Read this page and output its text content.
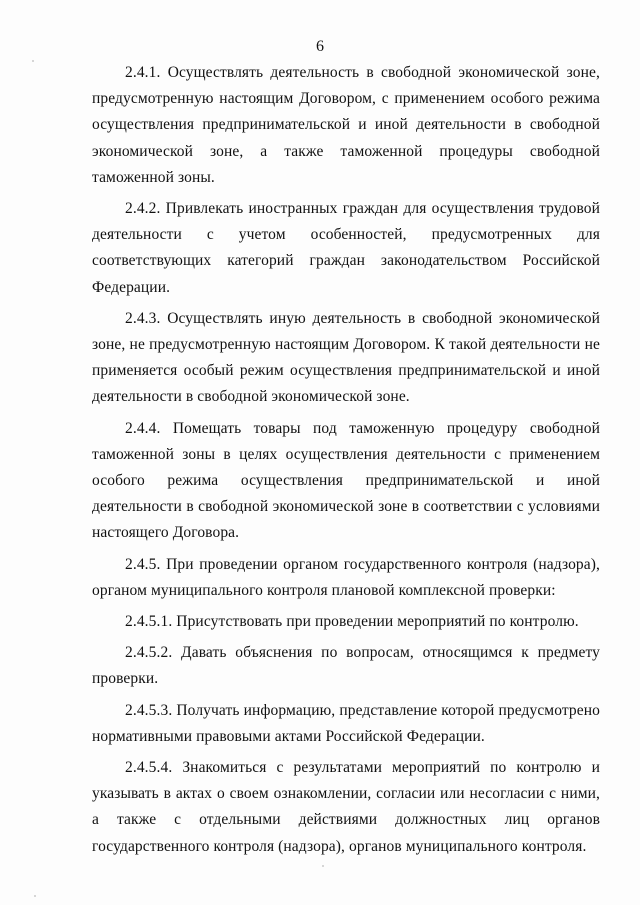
6

2.4.1. Осуществлять деятельность в свободной экономической зоне, предусмотренную настоящим Договором, с применением особого режима осуществления предпринимательской и иной деятельности в свободной экономической зоне, а также таможенной процедуры свободной таможенной зоны.

2.4.2. Привлекать иностранных граждан для осуществления трудовой деятельности с учетом особенностей, предусмотренных для соответствующих категорий граждан законодательством Российской Федерации.

2.4.3. Осуществлять иную деятельность в свободной экономической зоне, не предусмотренную настоящим Договором. К такой деятельности не применяется особый режим осуществления предпринимательской и иной деятельности в свободной экономической зоне.

2.4.4. Помещать товары под таможенную процедуру свободной таможенной зоны в целях осуществления деятельности с применением особого режима осуществления предпринимательской и иной деятельности в свободной экономической зоне в соответствии с условиями настоящего Договора.

2.4.5. При проведении органом государственного контроля (надзора), органом муниципального контроля плановой комплексной проверки:

2.4.5.1. Присутствовать при проведении мероприятий по контролю.

2.4.5.2. Давать объяснения по вопросам, относящимся к предмету проверки.

2.4.5.3. Получать информацию, представление которой предусмотрено нормативными правовыми актами Российской Федерации.

2.4.5.4. Знакомиться с результатами мероприятий по контролю и указывать в актах о своем ознакомлении, согласии или несогласии с ними, а также с отдельными действиями должностных лиц органов государственного контроля (надзора), органов муниципального контроля.
